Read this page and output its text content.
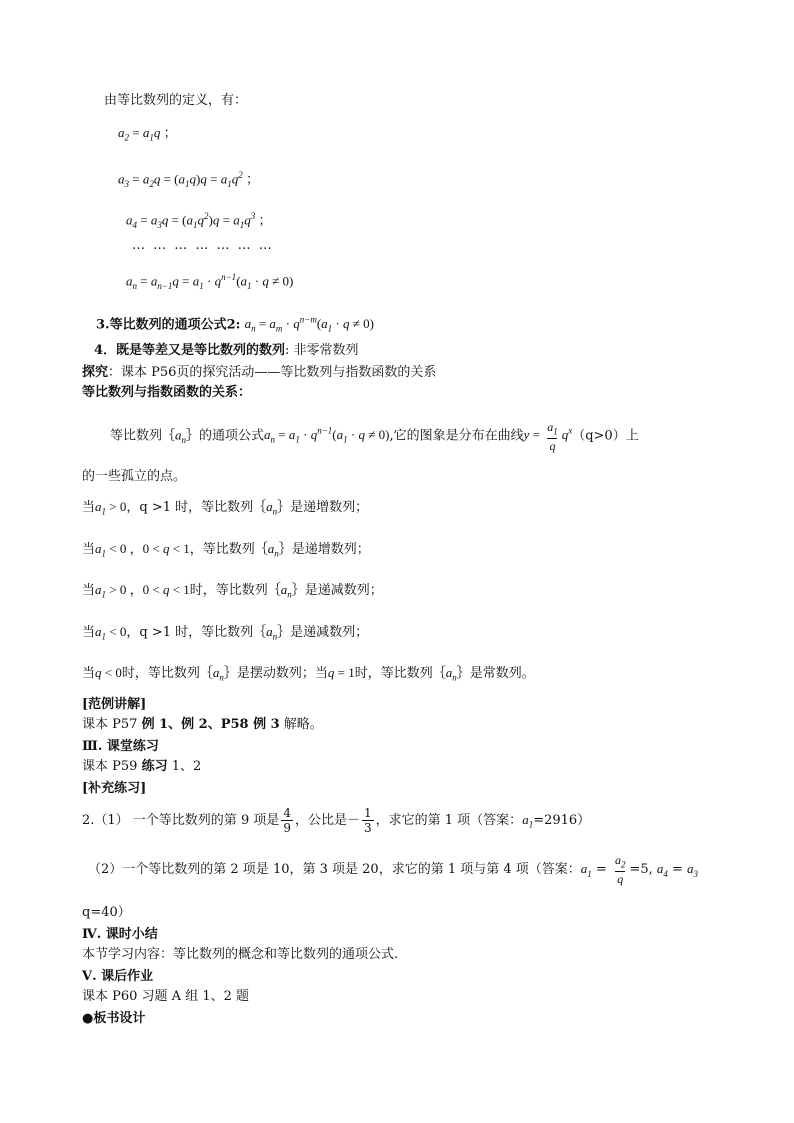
由等比数列的定义，有：
$a_2 = a_1q$ ；
$a_3 = a_2q = (a_1q)q = a_1q^2$ ；
$a_4 = a_3q = (a_1q^2)q = a_1q^3$ ；
… … … … … … …
$a_n = a_{n-1}q = a_1 \cdot q^{n-1}(a_1 \cdot q \ne 0)$
3.等比数列的通项公式2: $a_n = a_m \cdot q^{n-m}(a_1 \cdot q \ne 0)$
4．既是等差又是等比数列的数列: 非零常数列
探究：课本 P56页的探究活动——等比数列与指数函数的关系
等比数列与指数函数的关系：
等比数列$\{a_n\}$的通项公式$a_n = a_1 \cdot q^{n-1}(a_1 \cdot q \ne 0)$,它的图象是分布在曲线$y = \frac{a_1}{q} q^x(q>0)$上
的一些孤立的点。
当$a_1 > 0$，q >1 时，等比数列$\{a_n\}$是递增数列；
当$a_1 < 0$ ，0 < q < 1，等比数列$\{a_n\}$是递增数列；
当$a_1 > 0$ ，0 < q < 1时，等比数列$\{a_n\}$是递减数列；
当$a_1 < 0$，q >1 时，等比数列$\{a_n\}$是递减数列；
当q < 0时，等比数列$\{a_n\}$是摆动数列；当q = 1时，等比数列$\{a_n\}$是常数列。
[范例讲解]
课本 P57 例 1、例 2、P58 例 3 解略。
Ⅲ. 课堂练习
课本 P59 练习 1、2
[补充练习]
2.（1） 一个等比数列的第 9 项是 $\frac{4}{9}$ ，公比是－ $\frac{1}{3}$ ，求它的第 1 项（答案：$a_1=2916$）
（2）一个等比数列的第 2 项是 10，第 3 项是 20，求它的第 1 项与第 4 项（答案：$a_1 = \frac{a_2}{q} =5$, $a_4 = a_3$
q=40）
Ⅳ. 课时小结
本节学习内容：等比数列的概念和等比数列的通项公式.
Ⅴ. 课后作业
课本 P60 习题 A 组 1、2 题
●板书设计
